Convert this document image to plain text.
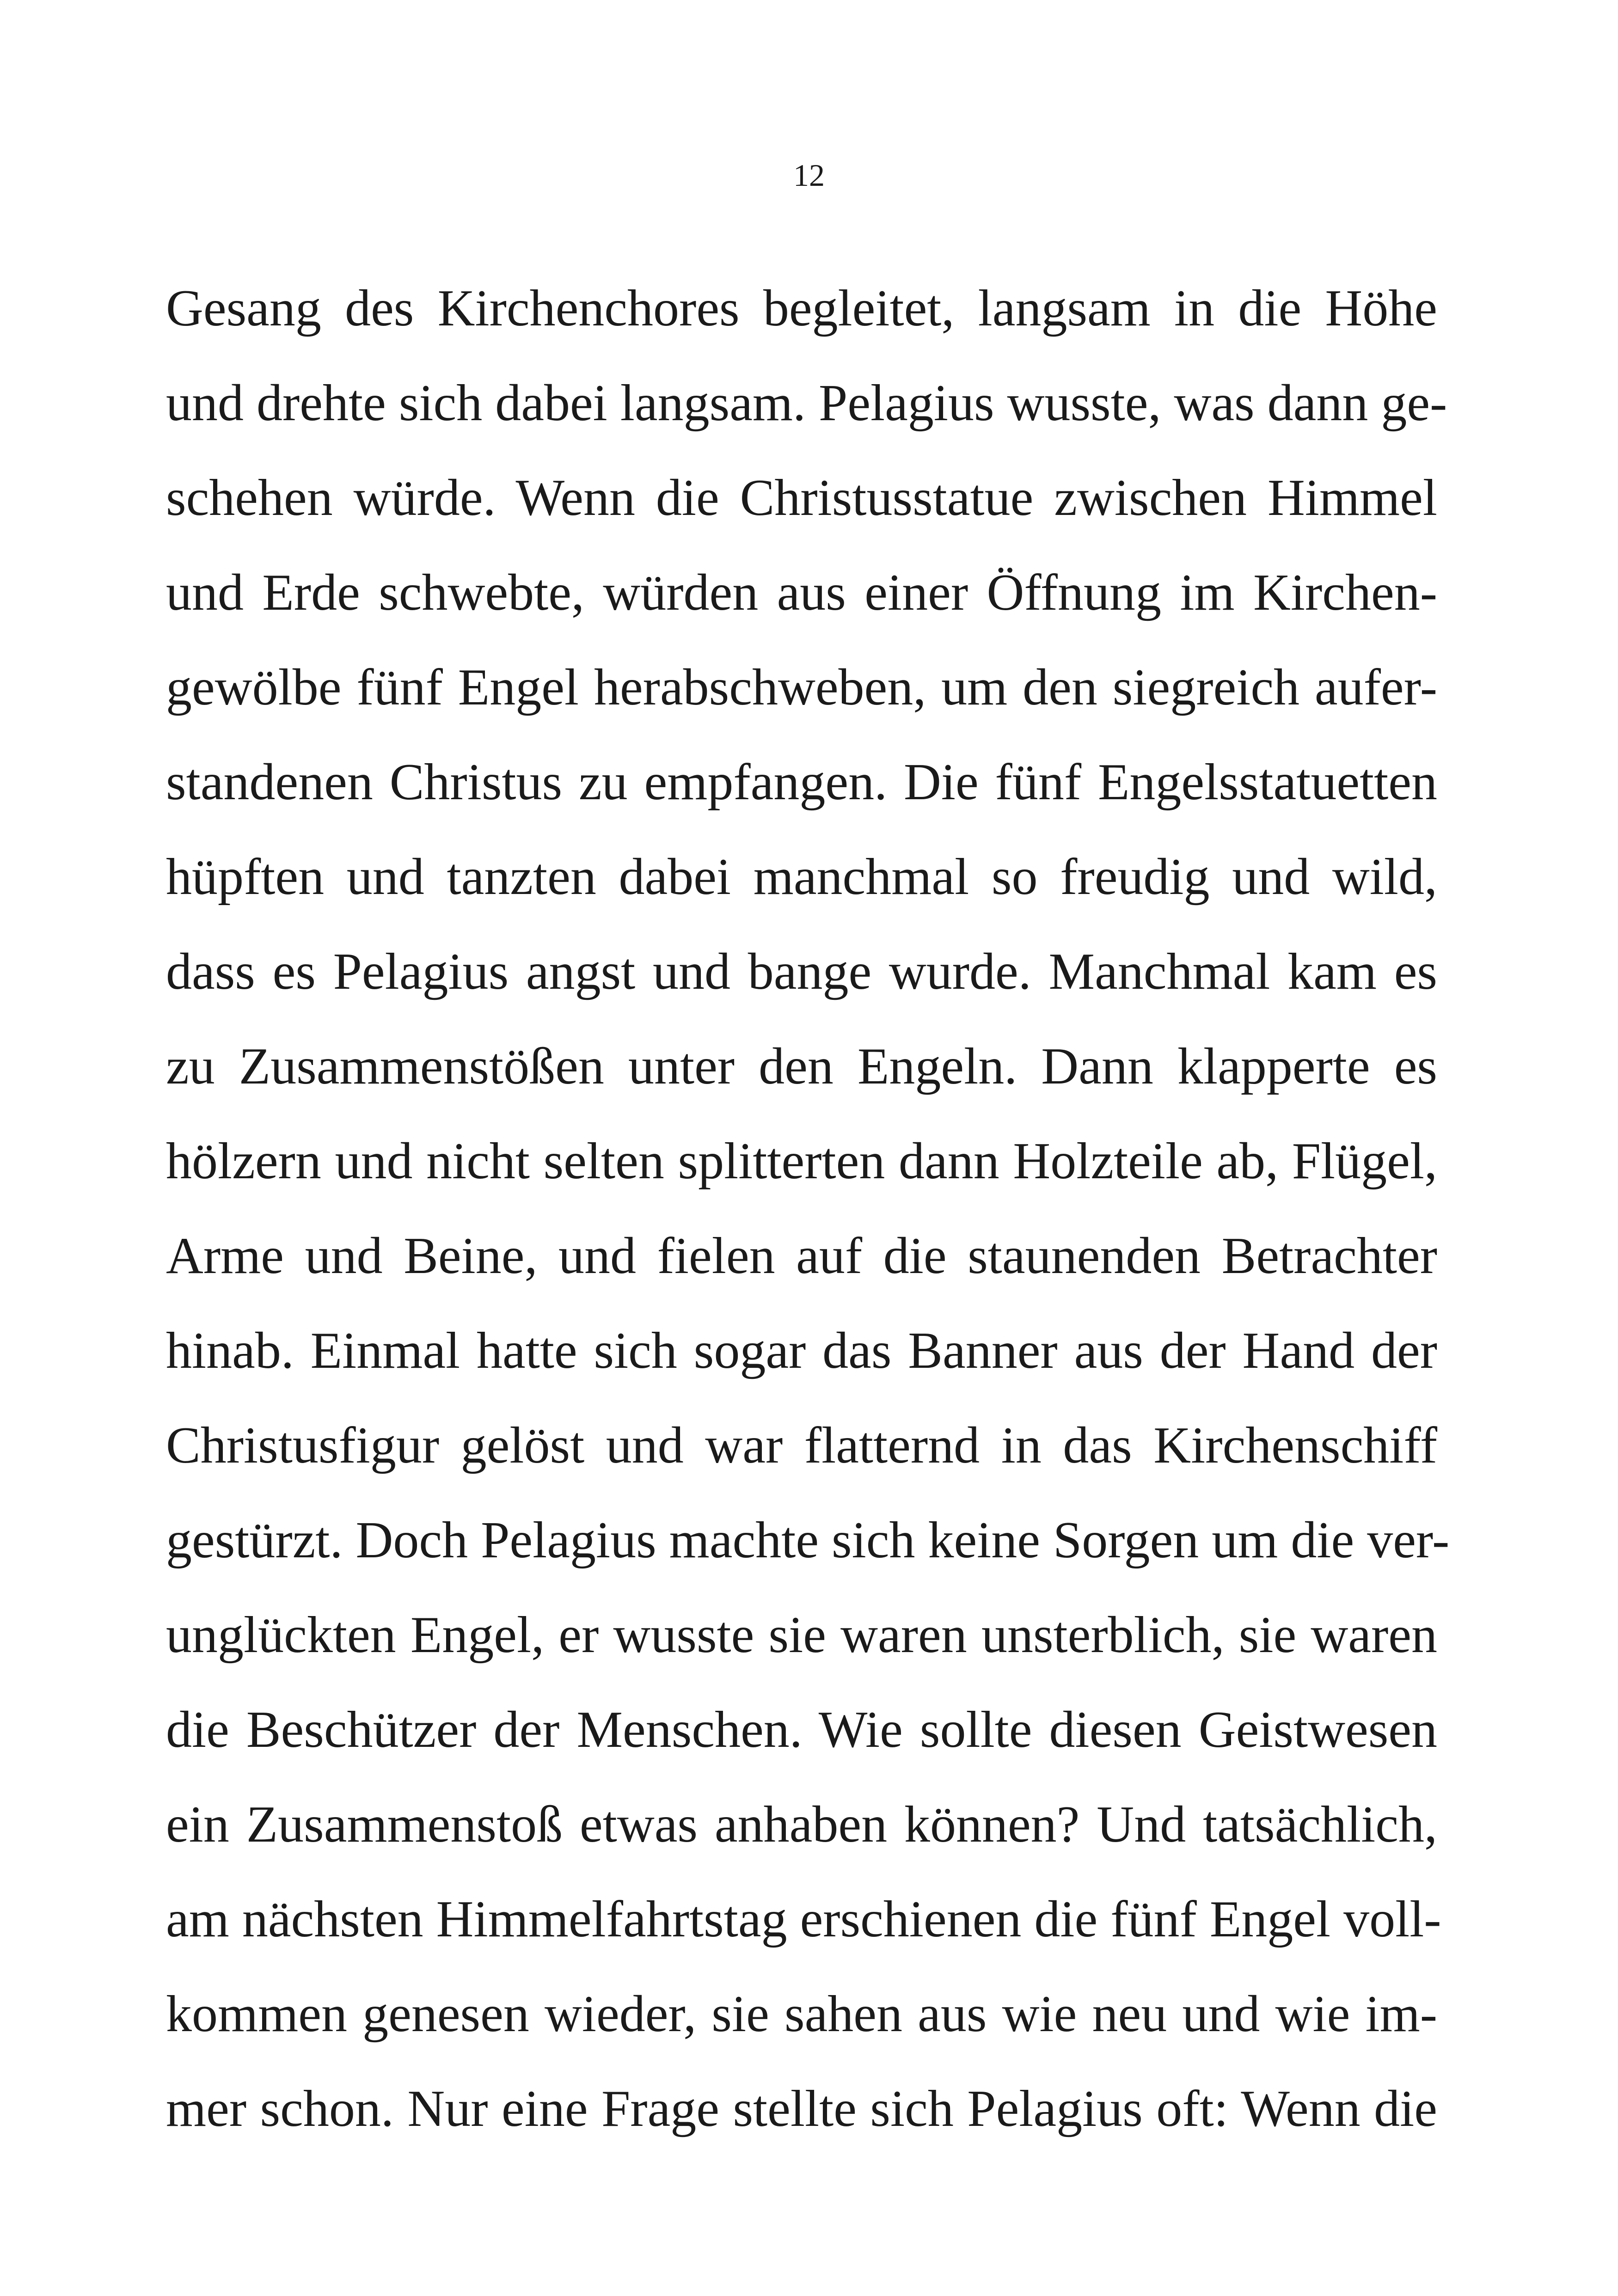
12
Gesang des Kirchenchores begleitet, langsam in die Höhe
und drehte sich dabei langsam. Pelagius wusste, was dann ge-
schehen würde. Wenn die Christusstatue zwischen Himmel
und Erde schwebte, würden aus einer Öffnung im Kirchen-
gewölbe fünf Engel herabschweben, um den siegreich aufer-
standenen Christus zu empfangen. Die fünf Engelsstatuetten
hüpften und tanzten dabei manchmal so freudig und wild,
dass es Pelagius angst und bange wurde. Manchmal kam es
zu Zusammenstößen unter den Engeln. Dann klapperte es
hölzern und nicht selten splitterten dann Holzteile ab, Flügel,
Arme und Beine, und fielen auf die staunenden Betrachter
hinab. Einmal hatte sich sogar das Banner aus der Hand der
Christusfigur gelöst und war flatternd in das Kirchenschiff
gestürzt. Doch Pelagius machte sich keine Sorgen um die ver-
unglückten Engel, er wusste sie waren unsterblich, sie waren
die Beschützer der Menschen. Wie sollte diesen Geistwesen
ein Zusammenstoß etwas anhaben können? Und tatsächlich,
am nächsten Himmelfahrtstag erschienen die fünf Engel voll-
kommen genesen wieder, sie sahen aus wie neu und wie im-
mer schon. Nur eine Frage stellte sich Pelagius oft: Wenn die
